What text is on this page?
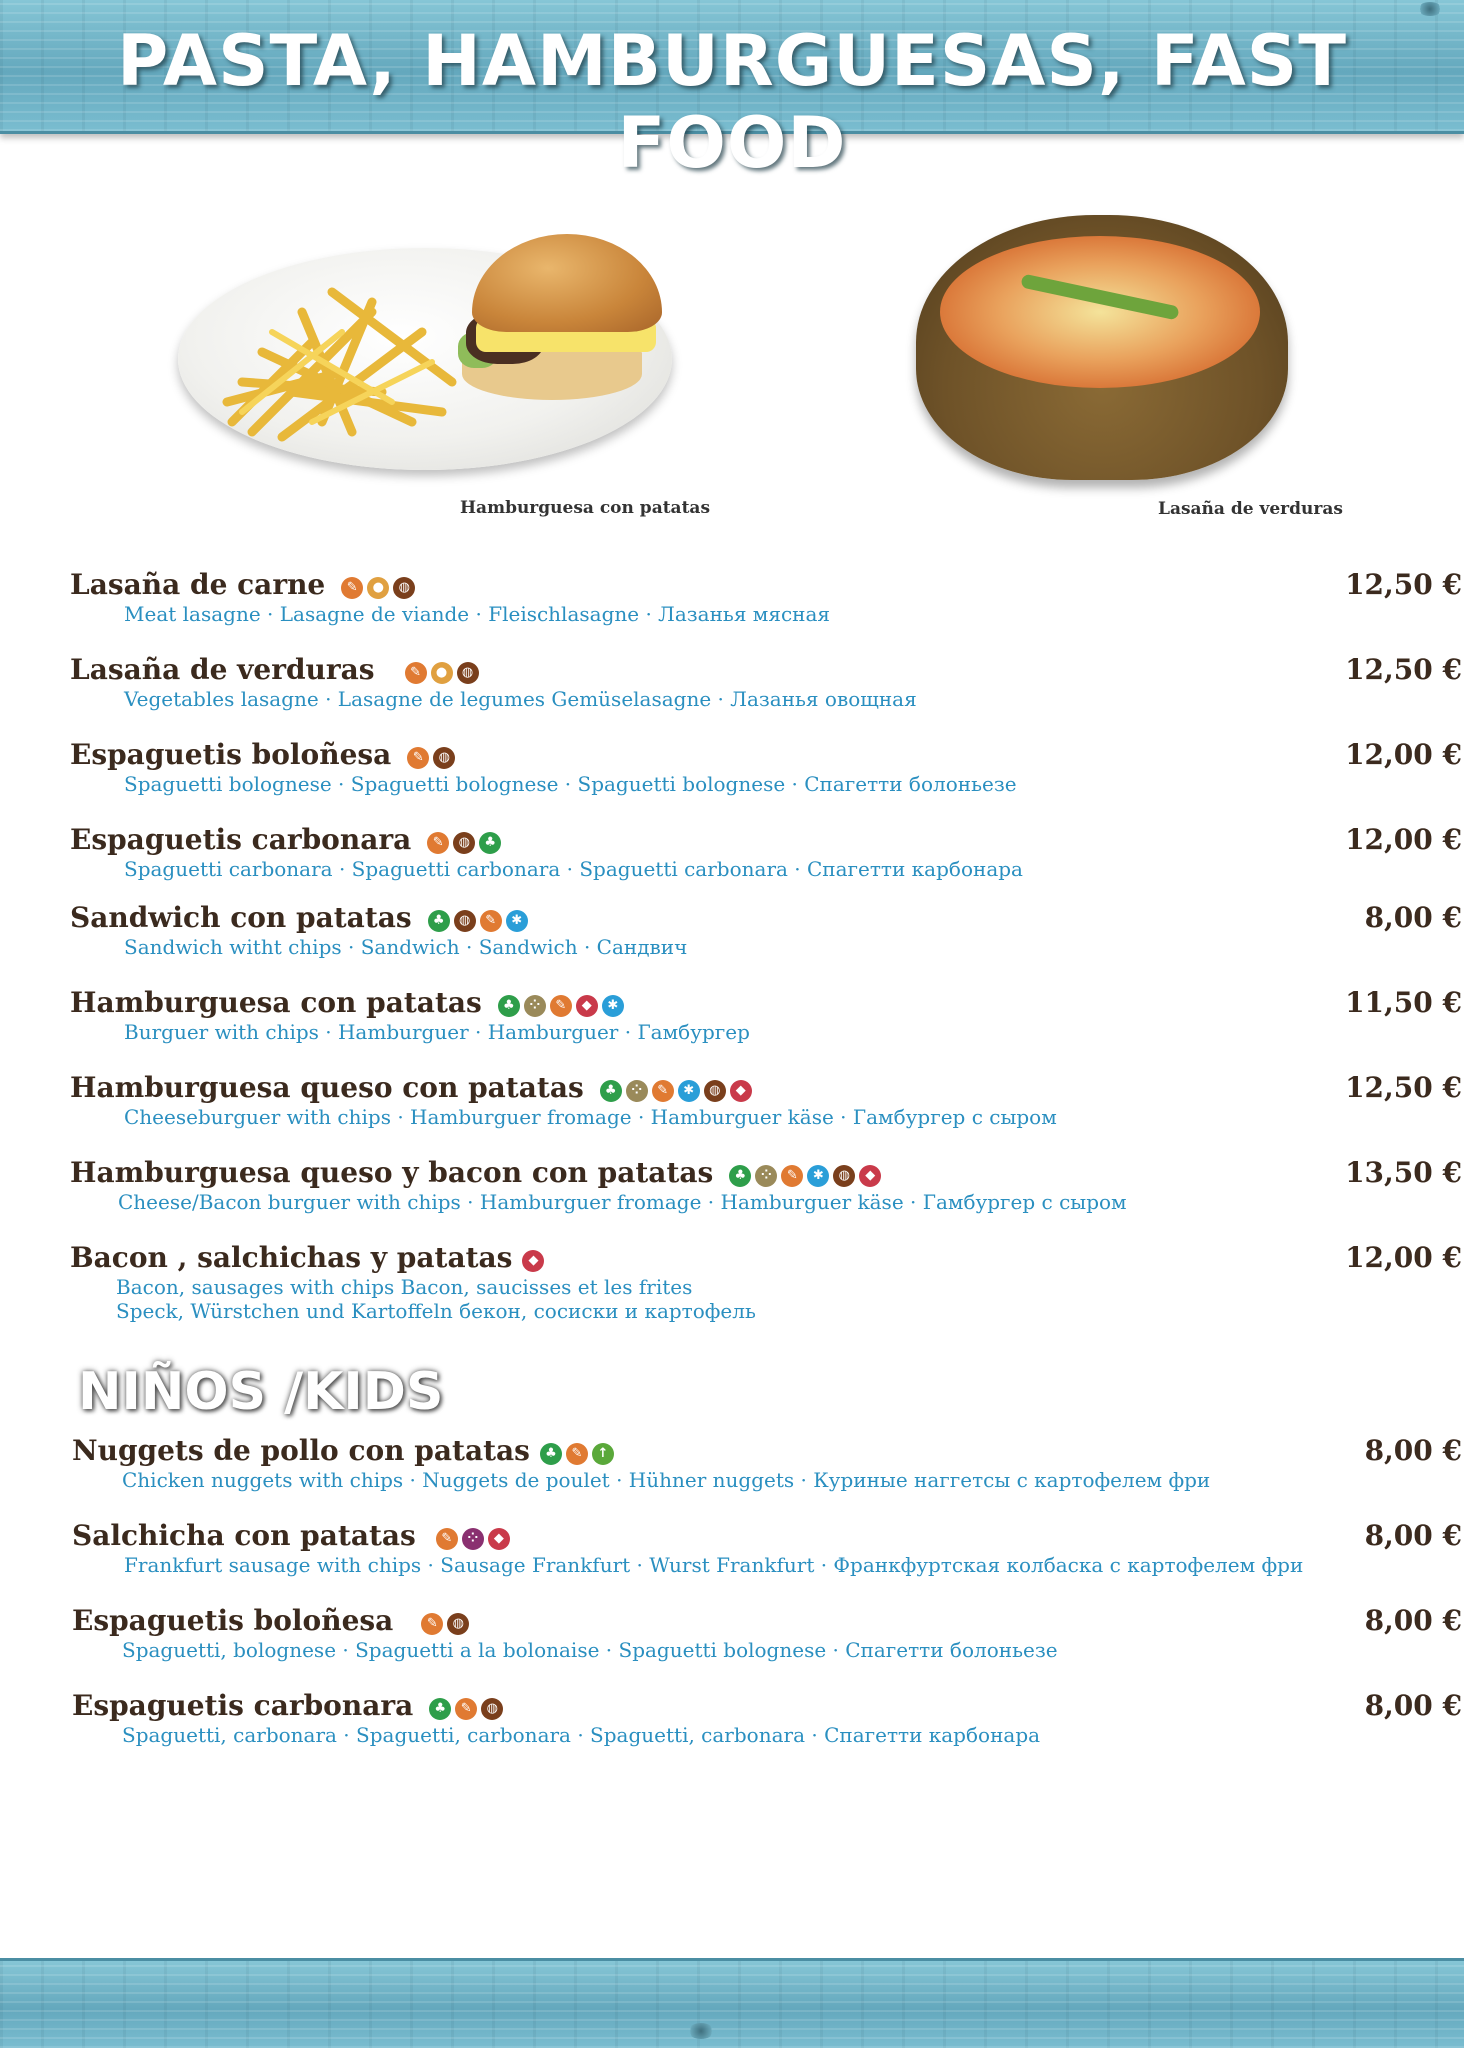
PASTA, HAMBURGUESAS, FAST FOOD
Hamburguesa con patatas	Lasaña de verduras
Lasaña de carne	✎	●	◍	12,50 €
Meat lasagne · Lasagne de viande · Fleischlasagne · Лазанья мясная
Lasaña de verduras	✎	●	◍	12,50 €
Vegetables lasagne · Lasagne de legumes Gemüselasagne · Лазанья овощная
Espaguetis boloñesa	✎	◍	12,00 €
Spaguetti bolognese · Spaguetti bolognese · Spaguetti bolognese · Спагетти болоньезе
Espaguetis carbonara	✎	◍	♣	12,00 €
Spaguetti carbonara · Spaguetti carbonara · Spaguetti carbonara · Спагетти карбонара
Sandwich con patatas	♣	◍	✎	✱	8,00 €
Sandwich witht chips · Sandwich · Sandwich · Сандвич
Hamburguesa con patatas	♣	⁘	✎	◆	✱	11,50 €
Burguer with chips · Hamburguer · Hamburguer · Гамбургер
Hamburguesa queso con patatas	♣	⁘	✎	✱	◍	◆	12,50 €
Cheeseburguer with chips · Hamburguer fromage · Hamburguer käse · Гамбургер с сыром
Hamburguesa queso y bacon con patatas	♣	⁘	✎	✱	◍	◆	13,50 €
Cheese/Bacon burguer with chips · Hamburguer fromage · Hamburguer käse · Гамбургер с сыром
Bacon , salchichas y patatas	◆	12,00 €
Bacon, sausages with chips Bacon, saucisses et les frites
Speck, Würstchen und Kartoffeln бекон, сосиски и картофель
NIÑOS /KIDS
Nuggets de pollo con patatas	♣	✎	↑	8,00 €
Chicken nuggets with chips · Nuggets de poulet · Hühner nuggets · Куриные наггетсы с картофелем фри
Salchicha con patatas	✎	⁘	◆	8,00 €
Frankfurt sausage with chips · Sausage Frankfurt · Wurst Frankfurt · Франкфуртская колбаска с картофелем фри
Espaguetis boloñesa	✎	◍	8,00 €
Spaguetti, bolognese · Spaguetti a la bolonaise · Spaguetti bolognese · Спагетти болоньезе
Espaguetis carbonara	♣	✎	◍	8,00 €
Spaguetti, carbonara · Spaguetti, carbonara · Spaguetti, carbonara · Спагетти карбонара
